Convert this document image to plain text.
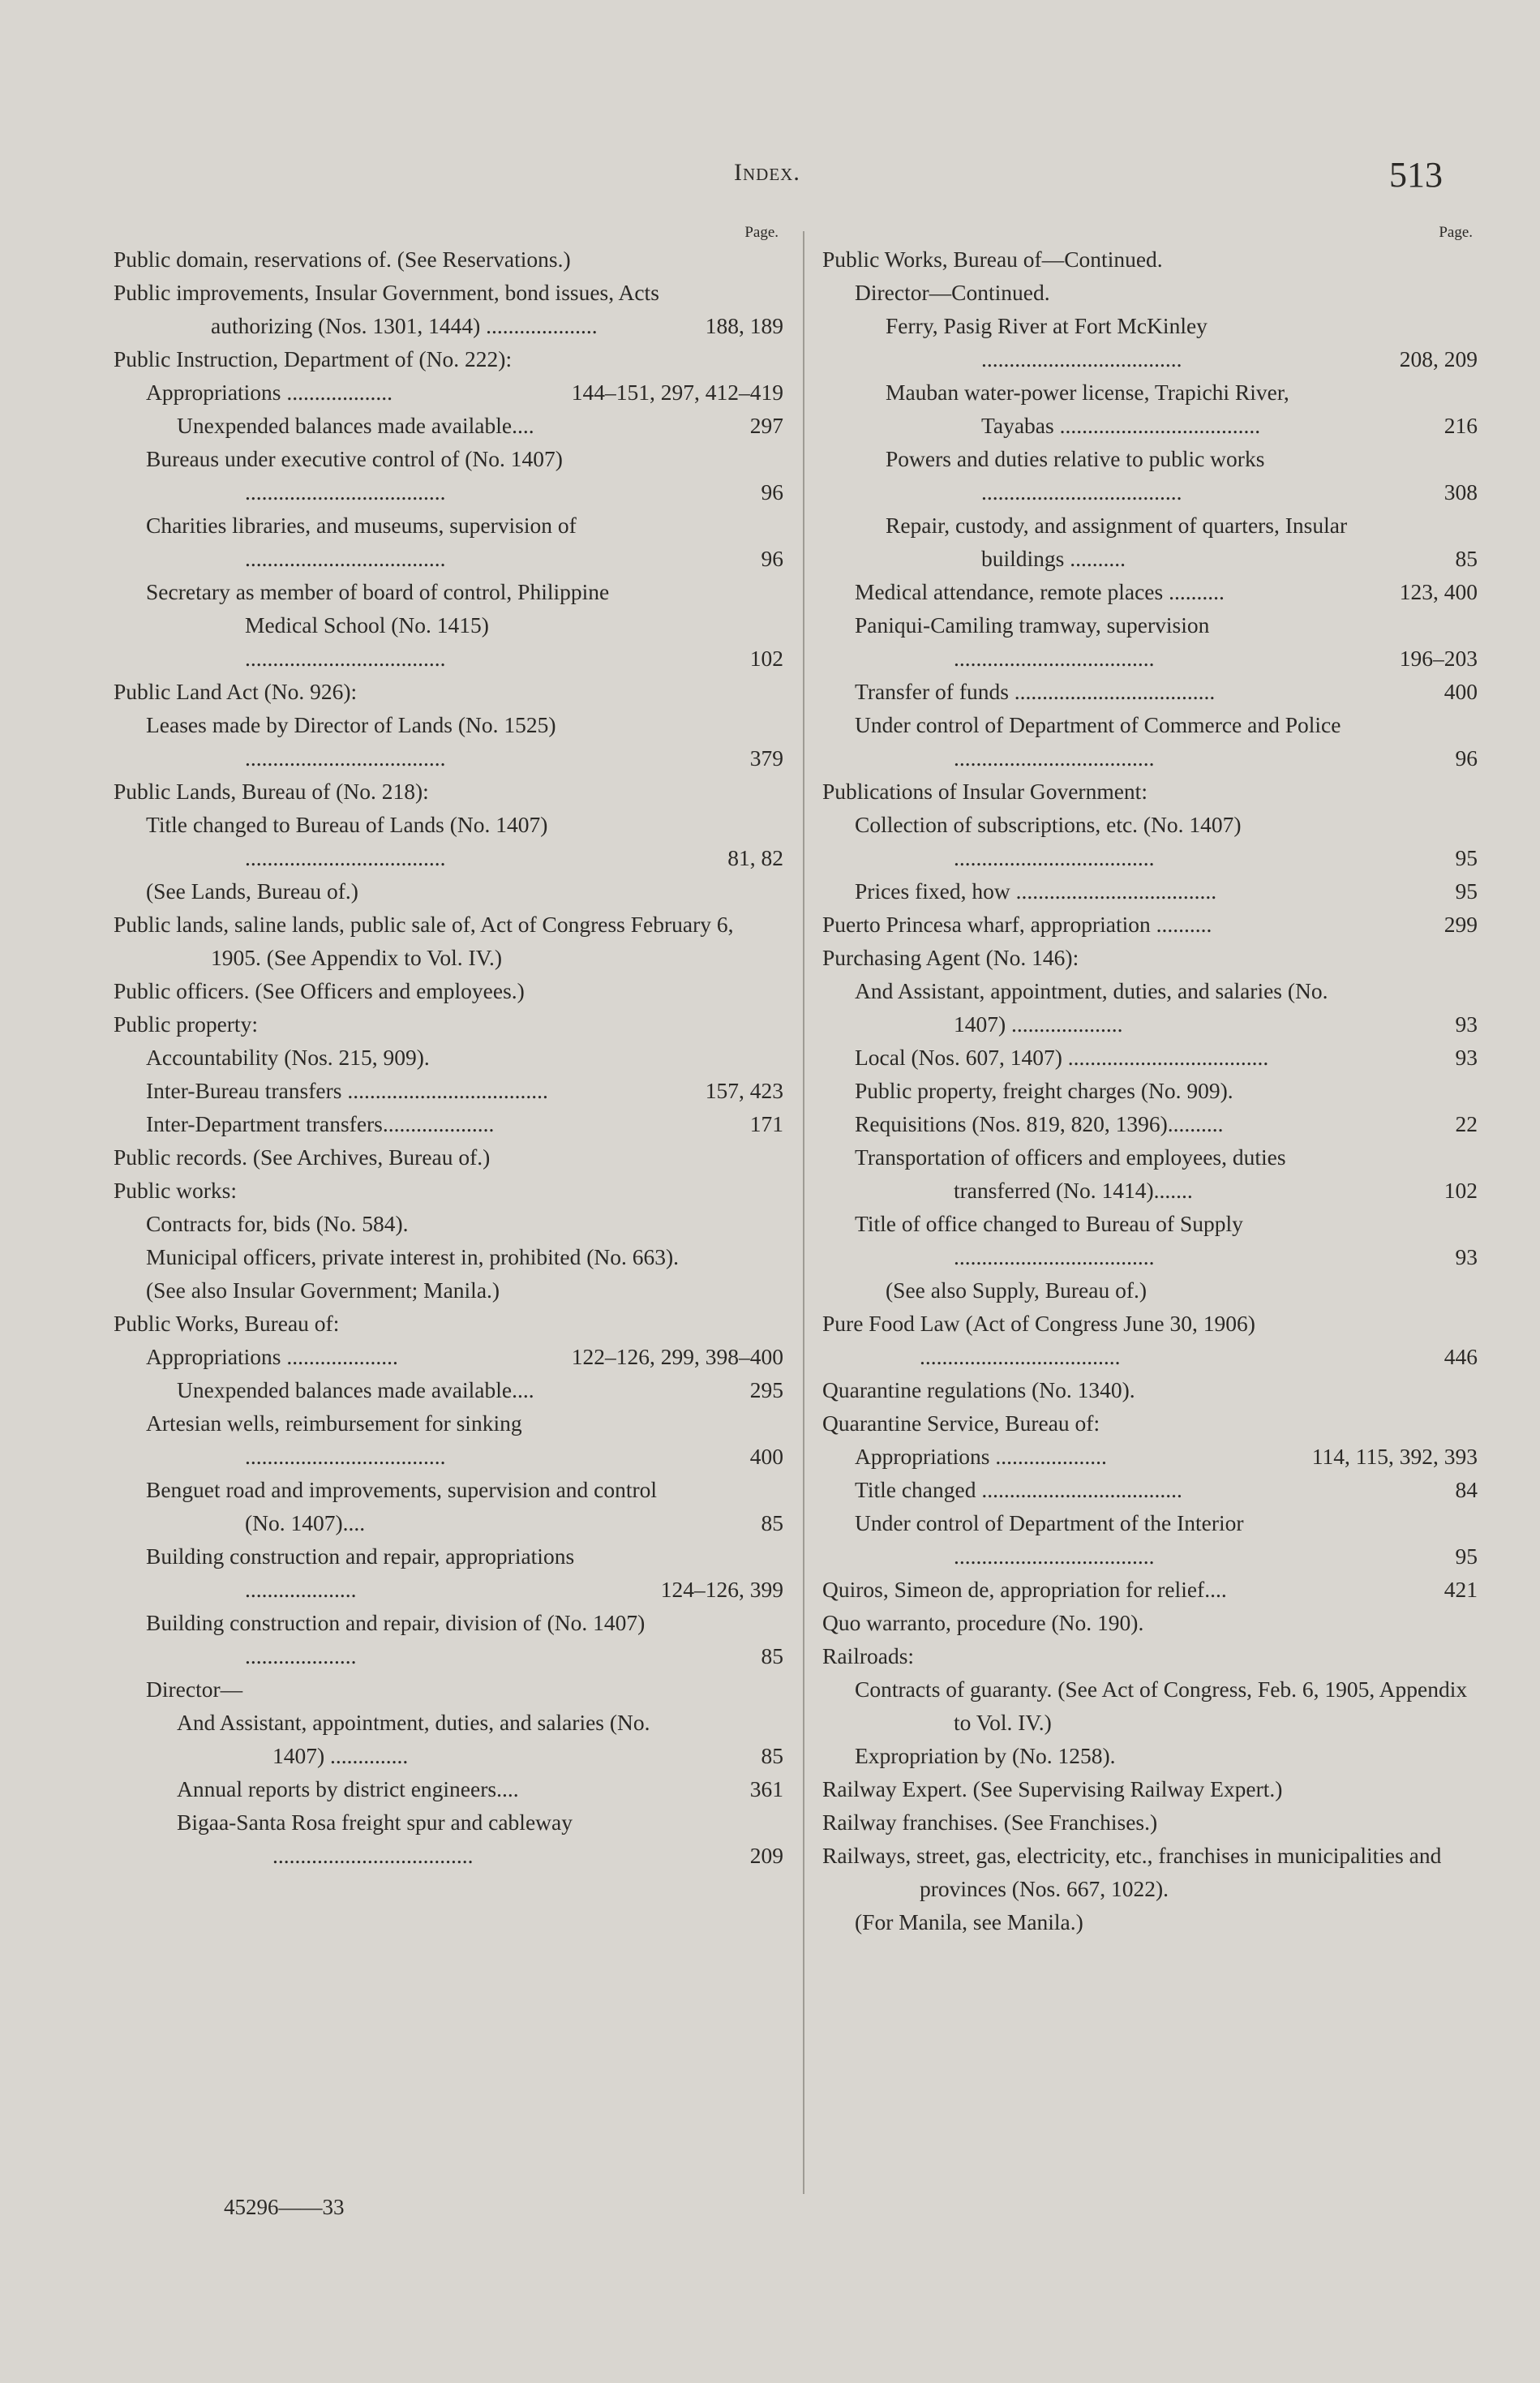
Index.	513
Page.
Public domain, reservations of. (See Reservations.)
Public improvements, Insular Government, bond issues, Acts authorizing (Nos. 1301, 1444) ....................	188, 189
Public Instruction, Department of (No. 222):
Appropriations ...................	144–151, 297, 412–419
Unexpended balances made available....	297
Bureaus under executive control of (No. 1407) ....................................	96
Charities libraries, and museums, supervision of ....................................	96
Secretary as member of board of control, Philippine Medical School (No. 1415) ....................................	102
Public Land Act (No. 926):
Leases made by Director of Lands (No. 1525) ....................................	379
Public Lands, Bureau of (No. 218):
Title changed to Bureau of Lands (No. 1407) ....................................	81, 82
(See Lands, Bureau of.)
Public lands, saline lands, public sale of, Act of Congress February 6, 1905. (See Appendix to Vol. IV.)
Public officers. (See Officers and employees.)
Public property:
Accountability (Nos. 215, 909).
Inter-Bureau transfers ....................................	157, 423
Inter-Department transfers....................	171
Public records. (See Archives, Bureau of.)
Public works:
Contracts for, bids (No. 584).
Municipal officers, private interest in, prohibited (No. 663).
(See also Insular Government; Manila.)
Public Works, Bureau of:
Appropriations ....................	122–126, 299, 398–400
Unexpended balances made available....	295
Artesian wells, reimbursement for sinking ....................................	400
Benguet road and improvements, supervision and control (No. 1407)....	85
Building construction and repair, appropriations ....................	124–126, 399
Building construction and repair, division of (No. 1407) ....................	85
Director—
And Assistant, appointment, duties, and salaries (No. 1407) ..............	85
Annual reports by district engineers....	361
Bigaa-Santa Rosa freight spur and cableway ....................................	209
Page.
Public Works, Bureau of—Continued.
Director—Continued.
Ferry, Pasig River at Fort McKinley ....................................	208, 209
Mauban water-power license, Trapichi River, Tayabas ....................................	216
Powers and duties relative to public works ....................................	308
Repair, custody, and assignment of quarters, Insular buildings ..........	85
Medical attendance, remote places ..........	123, 400
Paniqui-Camiling tramway, supervision ....................................	196–203
Transfer of funds ....................................	400
Under control of Department of Commerce and Police ....................................	96
Publications of Insular Government:
Collection of subscriptions, etc. (No. 1407) ....................................	95
Prices fixed, how ....................................	95
Puerto Princesa wharf, appropriation ..........	299
Purchasing Agent (No. 146):
And Assistant, appointment, duties, and salaries (No. 1407) ....................	93
Local (Nos. 607, 1407) ....................................	93
Public property, freight charges (No. 909).
Requisitions (Nos. 819, 820, 1396)..........	22
Transportation of officers and employees, duties transferred (No. 1414).......	102
Title of office changed to Bureau of Supply ....................................	93
(See also Supply, Bureau of.)
Pure Food Law (Act of Congress June 30, 1906) ....................................	446
Quarantine regulations (No. 1340).
Quarantine Service, Bureau of:
Appropriations ....................	114, 115, 392, 393
Title changed ....................................	84
Under control of Department of the Interior ....................................	95
Quiros, Simeon de, appropriation for relief....	421
Quo warranto, procedure (No. 190).
Railroads:
Contracts of guaranty. (See Act of Congress, Feb. 6, 1905, Appendix to Vol. IV.)
Expropriation by (No. 1258).
Railway Expert. (See Supervising Railway Expert.)
Railway franchises. (See Franchises.)
Railways, street, gas, electricity, etc., franchises in municipalities and provinces (Nos. 667, 1022).
(For Manila, see Manila.)
45296——33
